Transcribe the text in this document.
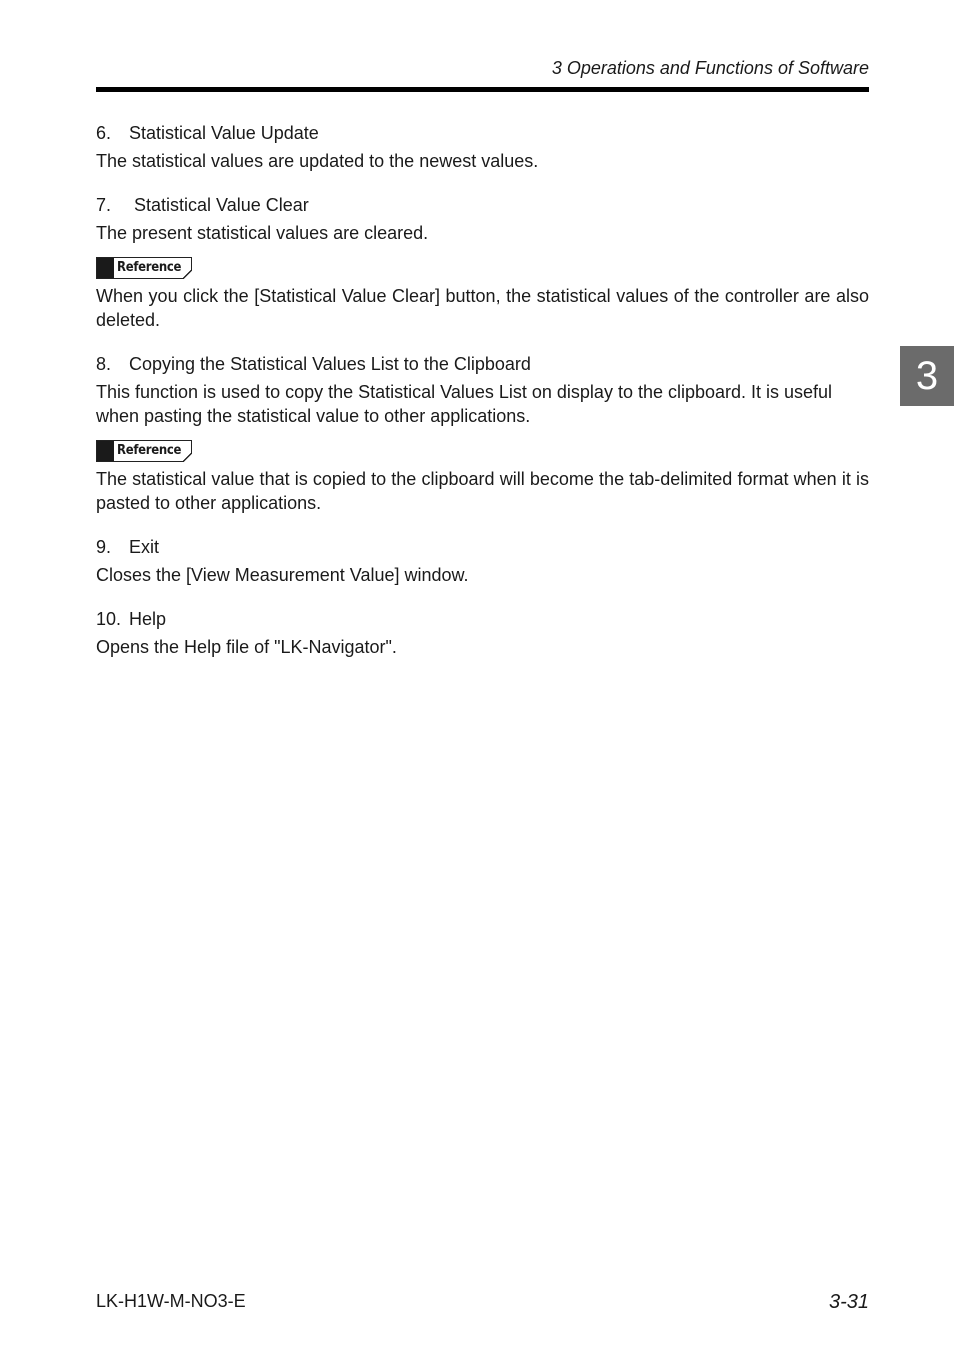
3 Operations and Functions of Software
3
6. Statistical Value Update

The statistical values are updated to the newest values.

7. Statistical Value Clear

The present statistical values are cleared.

Reference

When you click the [Statistical Value Clear] button, the statistical values of the controller are also deleted.

8. Copying the Statistical Values List to the Clipboard

This function is used to copy the Statistical Values List on display to the clipboard. It is useful when pasting the statistical value to other applications.

Reference

The statistical value that is copied to the clipboard will become the tab-delimited format when it is pasted to other applications.

9. Exit

Closes the [View Measurement Value] window.

10. Help

Opens the Help file of "LK-Navigator".

LK-H1W-M-NO3-E	3-31
